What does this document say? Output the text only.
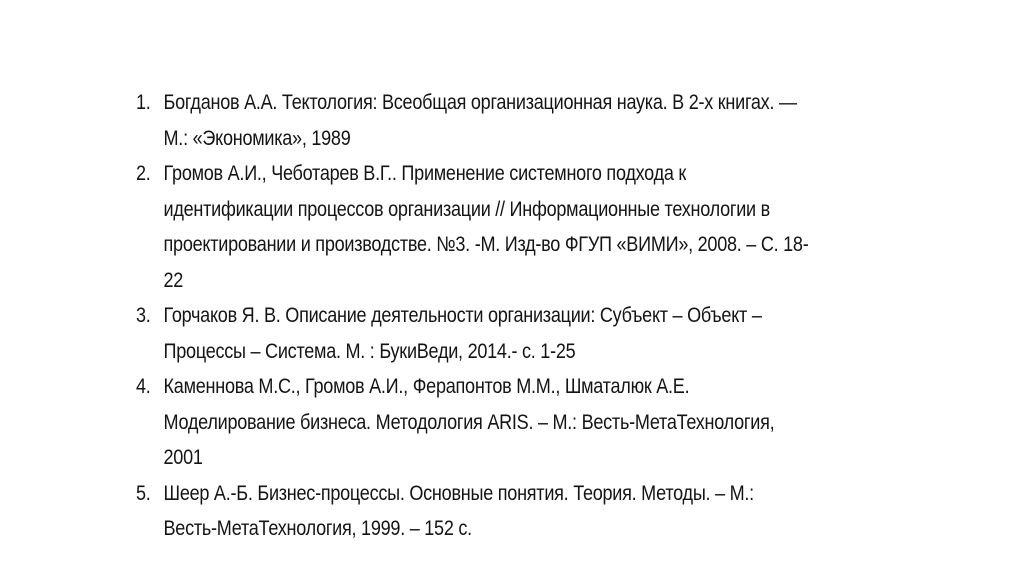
1. Богданов А.А. Тектология: Всеобщая организационная наука. В 2-х книгах. —
М.: «Экономика», 1989
2. Громов А.И., Чеботарев В.Г.. Применение системного подхода к
идентификации процессов организации // Информационные технологии в
проектировании и производстве. №3. -М. Изд-во ФГУП «ВИМИ», 2008. – С. 18-
22
3. Горчаков Я. В. Описание деятельности организации: Субъект – Объект –
Процессы – Система. М. : БукиВеди, 2014.- с. 1-25
4. Каменнова М.С., Громов А.И., Ферапонтов М.М., Шматалюк А.Е.
Моделирование бизнеса. Методология ARIS. – М.: Весть-МетаТехнология,
2001
5. Шеер А.-Б. Бизнес-процессы. Основные понятия. Теория. Методы. – М.:
Весть-МетаТехнология, 1999. – 152 с.
